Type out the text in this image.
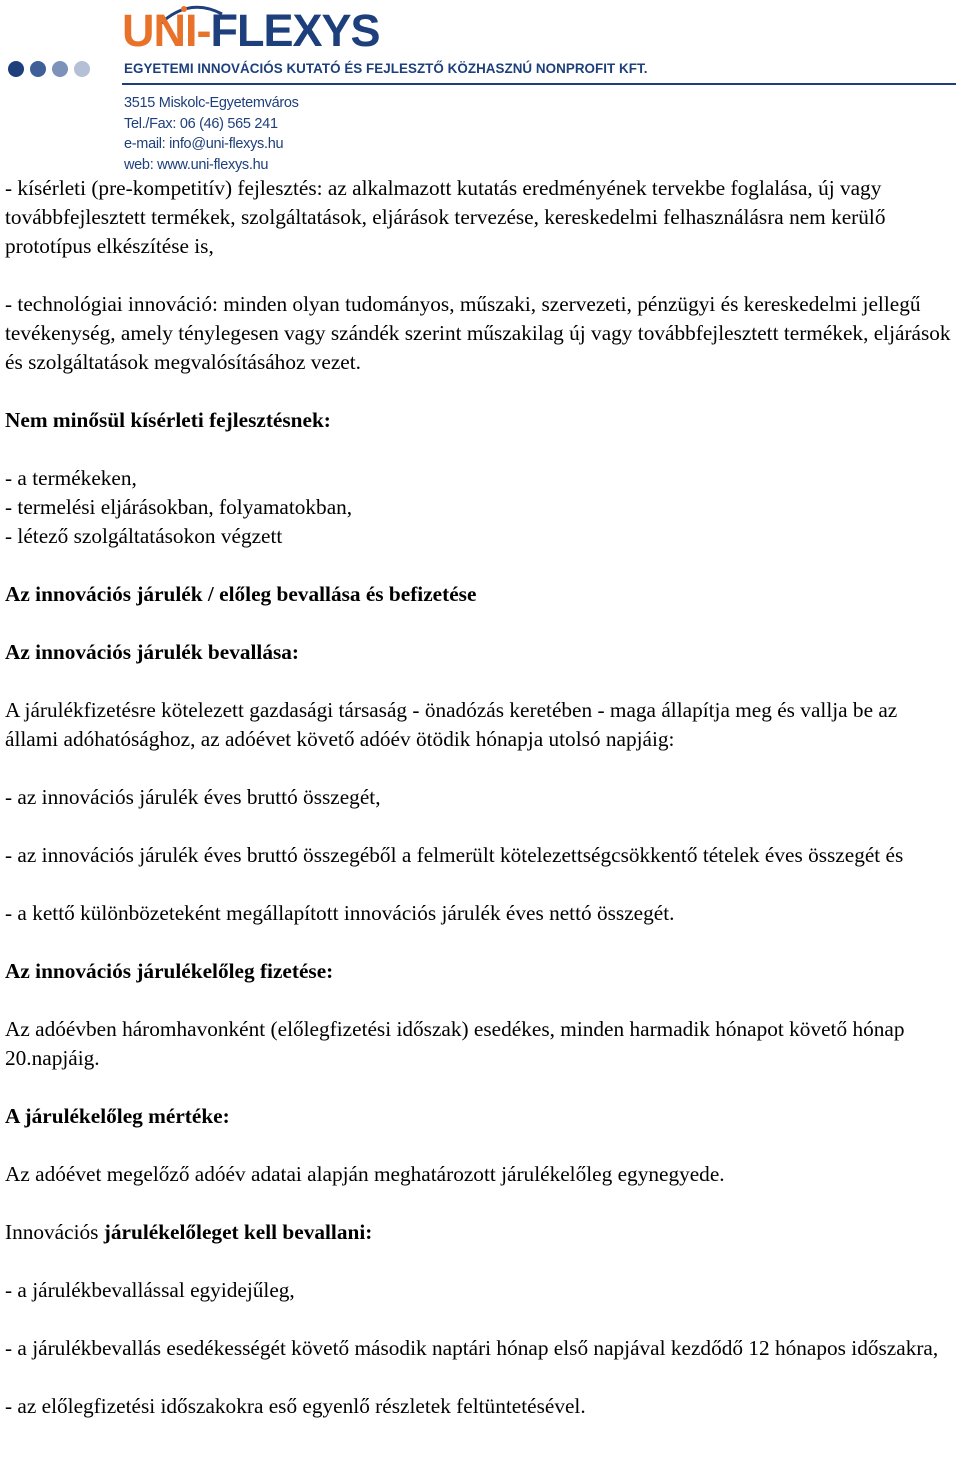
UNI-FLEXYS
EGYETEMI INNOVÁCIÓS KUTATÓ ÉS FEJLESZTŐ KÖZHASZNÚ NONPROFIT KFT.
3515 Miskolc-Egyetemváros
Tel./Fax: 06 (46) 565 241
e-mail: info@uni-flexys.hu
web: www.uni-flexys.hu

- kísérleti (pre-kompetitív) fejlesztés: az alkalmazott kutatás eredményének tervekbe foglalása, új vagy továbbfejlesztett termékek, szolgáltatások, eljárások tervezése, kereskedelmi felhasználásra nem kerülő prototípus elkészítése is,

- technológiai innováció: minden olyan tudományos, műszaki, szervezeti, pénzügyi és kereskedelmi jellegű tevékenység, amely ténylegesen vagy szándék szerint műszakilag új vagy továbbfejlesztett termékek, eljárások és szolgáltatások megvalósításához vezet.

Nem minősül kísérleti fejlesztésnek:

- a termékeken,
- termelési eljárásokban, folyamatokban,
- létező szolgáltatásokon végzett

Az innovációs járulék / előleg bevallása és befizetése

Az innovációs járulék bevallása:

A járulékfizetésre kötelezett gazdasági társaság - önadózás keretében - maga állapítja meg és vallja be az állami adóhatósághoz, az adóévet követő adóév ötödik hónapja utolsó napjáig:

- az innovációs járulék éves bruttó összegét,

- az innovációs járulék éves bruttó összegéből a felmerült kötelezettségcsökkentő tételek éves összegét és

- a kettő különbözeteként megállapított innovációs járulék éves nettó összegét.

Az innovációs járulékelőleg fizetése:

Az adóévben háromhavonként (előlegfizetési időszak) esedékes, minden harmadik hónapot követő hónap 20.napjáig.

A járulékelőleg mértéke:

Az adóévet megelőző adóév adatai alapján meghatározott járulékelőleg egynegyede.

Innovációs járulékelőleget kell bevallani:

- a járulékbevallással egyidejűleg,

- a járulékbevallás esedékességét követő második naptári hónap első napjával kezdődő 12 hónapos időszakra,

- az előlegfizetési időszakokra eső egyenlő részletek feltüntetésével.
